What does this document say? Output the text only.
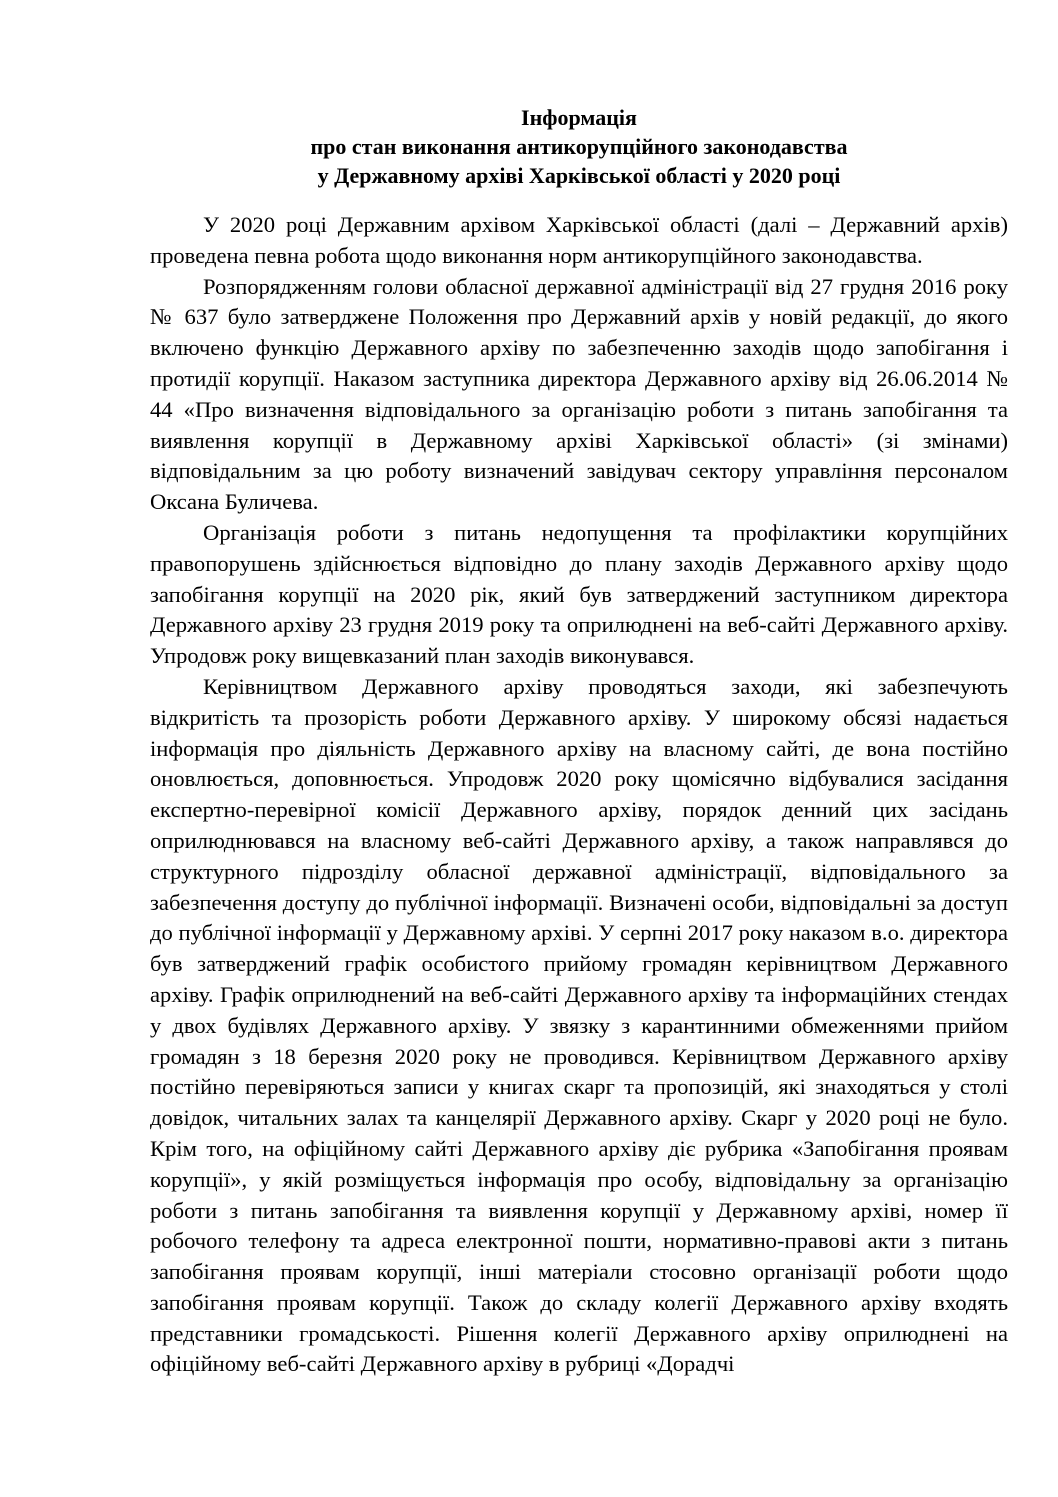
Інформація
про стан виконання антикорупційного законодавства
у Державному архіві Харківської області у 2020 році

У 2020 році Державним архівом Харківської області (далі – Державний архів) проведена певна робота щодо виконання норм антикорупційного законодавства.

Розпорядженням голови обласної державної адміністрації від 27 грудня 2016 року № 637 було затверджене Положення про Державний архів у новій редакції, до якого включено функцію Державного архіву по забезпеченню заходів щодо запобігання і протидії корупції. Наказом заступника директора Державного архіву від 26.06.2014 № 44 «Про визначення відповідального за організацію роботи з питань запобігання та виявлення корупції в Державному архіві Харківської області» (зі змінами) відповідальним за цю роботу визначений завідувач сектору управління персоналом Оксана Буличева.

Організація роботи з питань недопущення та профілактики корупційних правопорушень здійснюється відповідно до плану заходів Державного архіву щодо запобігання корупції на 2020 рік, який був затверджений заступником директора Державного архіву 23 грудня 2019 року та оприлюднені на веб-сайті Державного архіву. Упродовж року вищевказаний план заходів виконувався.

Керівництвом Державного архіву проводяться заходи, які забезпечують відкритість та прозорість роботи Державного архіву. У широкому обсязі надається інформація про діяльність Державного архіву на власному сайті, де вона постійно оновлюється, доповнюється. Упродовж 2020 року щомісячно відбувалися засідання експертно-перевірної комісії Державного архіву, порядок денний цих засідань оприлюднювався на власному веб-сайті Державного архіву, а також направлявся до структурного підрозділу обласної державної адміністрації, відповідального за забезпечення доступу до публічної інформації. Визначені особи, відповідальні за доступ до публічної інформації у Державному архіві. У серпні 2017 року наказом в.о. директора був затверджений графік особистого прийому громадян керівництвом Державного архіву. Графік оприлюднений на веб-сайті Державного архіву та інформаційних стендах у двох будівлях Державного архіву. У звязку з карантинними обмеженнями прийом громадян з 18 березня 2020 року не проводився. Керівництвом Державного архіву постійно перевіряються записи у книгах скарг та пропозицій, які знаходяться у столі довідок, читальних залах та канцелярії Державного архіву. Скарг у 2020 році не було. Крім того, на офіційному сайті Державного архіву діє рубрика «Запобігання проявам корупції», у якій розміщується інформація про особу, відповідальну за організацію роботи з питань запобігання та виявлення корупції у Державному архіві, номер її робочого телефону та адреса електронної пошти, нормативно-правові акти з питань запобігання проявам корупції, інші матеріали стосовно організації роботи щодо запобігання проявам корупції. Також до складу колегії Державного архіву входять представники громадськості. Рішення колегії Державного архіву оприлюднені на офіційному веб-сайті Державного архіву в рубриці «Дорадчі
